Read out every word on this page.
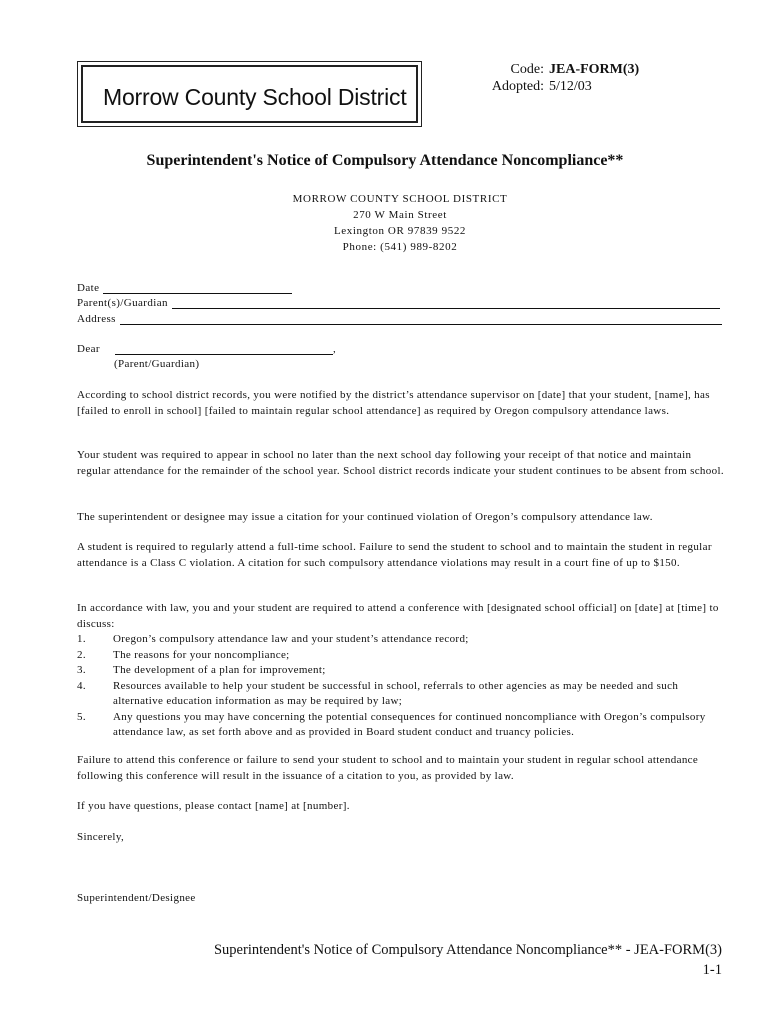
Morrow County School District
Code: JEA-FORM(3)
Adopted: 5/12/03
Superintendent's Notice of Compulsory Attendance Noncompliance**
MORROW COUNTY SCHOOL DISTRICT
270 W Main Street
Lexington OR 97839 9522
Phone: (541) 989-8202
Date
Parent(s)/Guardian
Address
Dear	,
(Parent/Guardian)

According to school district records, you were notified by the district’s attendance supervisor on [date] that your student, [name], has [failed to enroll in school] [failed to maintain regular school attendance] as required by Oregon compulsory attendance laws.

Your student was required to appear in school no later than the next school day following your receipt of that notice and maintain regular attendance for the remainder of the school year. School district records indicate your student continues to be absent from school.

The superintendent or designee may issue a citation for your continued violation of Oregon’s compulsory attendance law.

A student is required to regularly attend a full-time school. Failure to send the student to school and to maintain the student in regular attendance is a Class C violation. A citation for such compulsory attendance violations may result in a court fine of up to $150.

In accordance with law, you and your student are required to attend a conference with [designated school official] on [date] at [time] to discuss:

1.	Oregon’s compulsory attendance law and your student’s attendance record;
2.	The reasons for your noncompliance;
3.	The development of a plan for improvement;
4.	Resources available to help your student be successful in school, referrals to other agencies as may be needed and such alternative education information as may be required by law;
5.	Any questions you may have concerning the potential consequences for continued noncompliance with Oregon’s compulsory attendance law, as set forth above and as provided in Board student conduct and truancy policies.

Failure to attend this conference or failure to send your student to school and to maintain your student in regular school attendance following this conference will result in the issuance of a citation to you, as provided by law.

If you have questions, please contact [name] at [number].

Sincerely,
Superintendent/Designee
Superintendent's Notice of Compulsory Attendance Noncompliance** - JEA-FORM(3)
1-1
